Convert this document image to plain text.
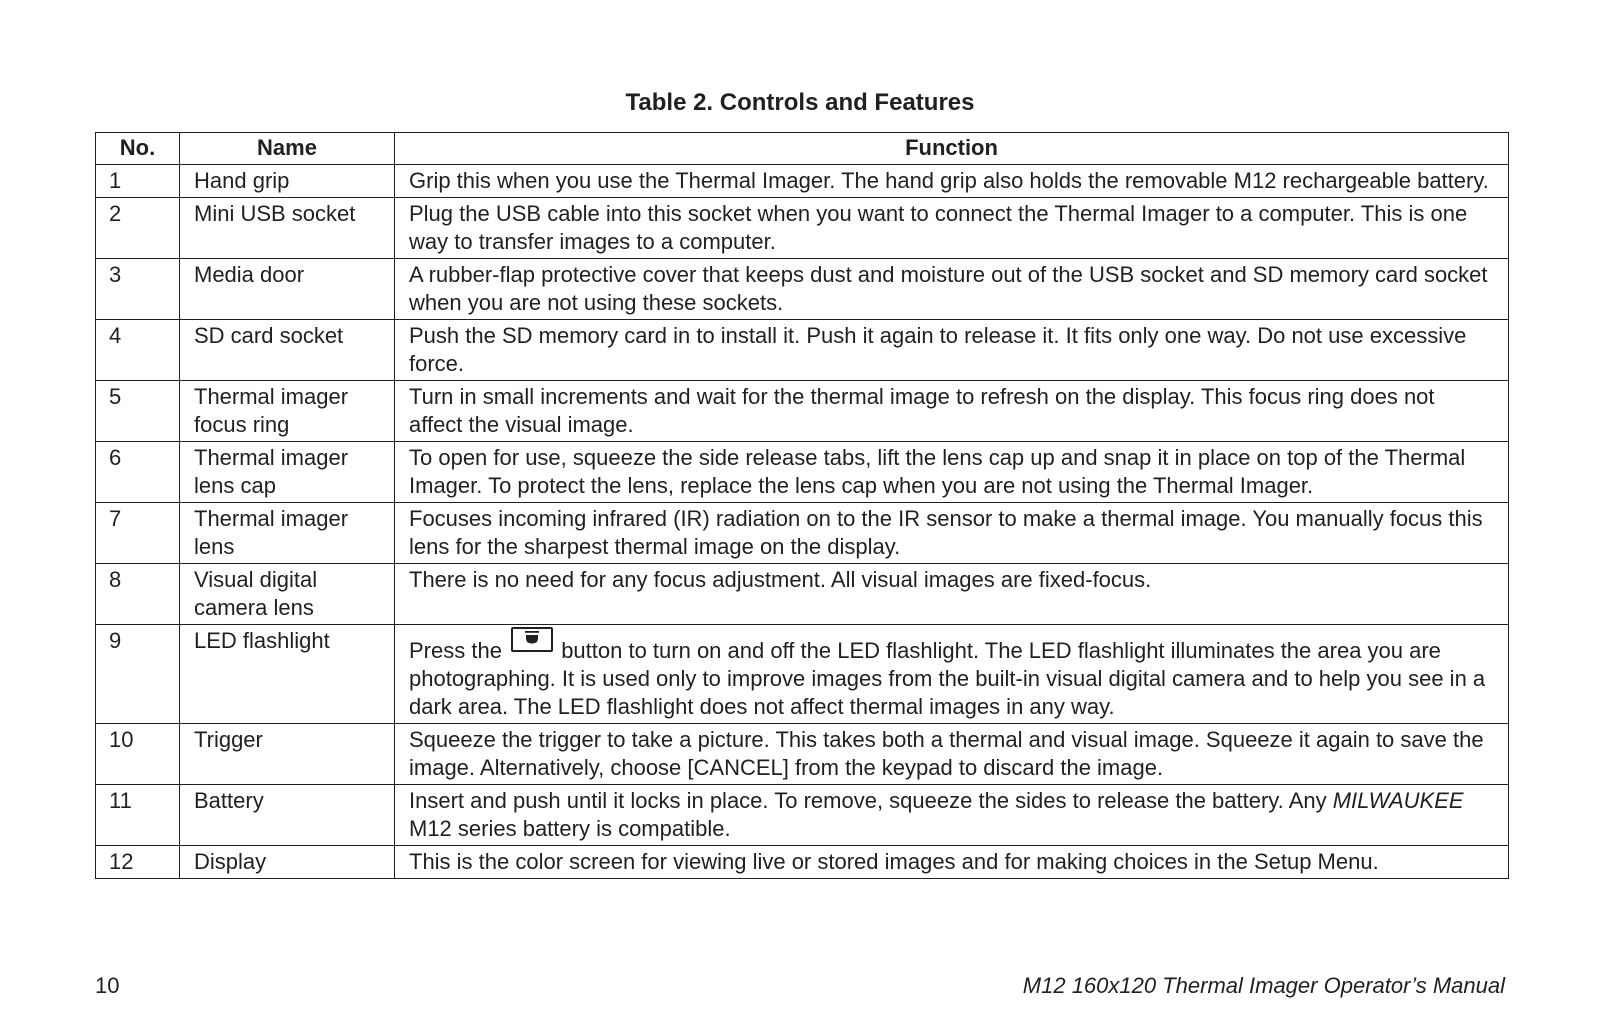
Table 2. Controls and Features
No.	Name	Function
1	Hand grip	Grip this when you use the Thermal Imager. The hand grip also holds the removable M12 rechargeable battery.
2	Mini USB socket	Plug the USB cable into this socket when you want to connect the Thermal Imager to a computer. This is one way to transfer images to a computer.
3	Media door	A rubber-flap protective cover that keeps dust and moisture out of the USB socket and SD memory card socket when you are not using these sockets.
4	SD card socket	Push the SD memory card in to install it. Push it again to release it. It fits only one way. Do not use excessive force.
5	Thermal imager focus ring	Turn in small increments and wait for the thermal image to refresh on the display. This focus ring does not affect the visual image.
6	Thermal imager lens cap	To open for use, squeeze the side release tabs, lift the lens cap up and snap it in place on top of the Thermal Imager. To protect the lens, replace the lens cap when you are not using the Thermal Imager.
7	Thermal imager lens	Focuses incoming infrared (IR) radiation on to the IR sensor to make a thermal image. You manually focus this lens for the sharpest thermal image on the display.
8	Visual digital camera lens	There is no need for any focus adjustment. All visual images are fixed-focus.
9	LED flashlight	Press the button to turn on and off the LED flashlight. The LED flashlight illuminates the area you are photographing. It is used only to improve images from the built-in visual digital camera and to help you see in a dark area. The LED flashlight does not affect thermal images in any way.
10	Trigger	Squeeze the trigger to take a picture. This takes both a thermal and visual image. Squeeze it again to save the image. Alternatively, choose [CANCEL] from the keypad to discard the image.
11	Battery	Insert and push until it locks in place. To remove, squeeze the sides to release the battery. Any MILWAUKEE M12 series battery is compatible.
12	Display	This is the color screen for viewing live or stored images and for making choices in the Setup Menu.
10	M12 160x120 Thermal Imager Operator’s Manual
